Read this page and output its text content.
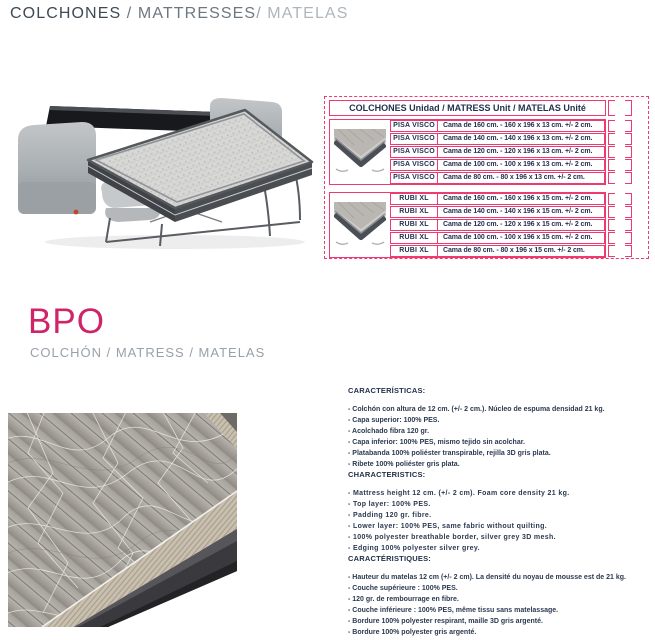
COLCHONES / MATTRESSES/ MATELAS
COLCHONES Unidad / MATRESS Unit / MATELAS Unité
PISA VISCO	Cama de 160 cm. - 160 x 196 x 13 cm. +/- 2 cm.
PISA VISCO	Cama de 140 cm. - 140 x 196 x 13 cm. +/- 2 cm.
PISA VISCO	Cama de 120 cm. - 120 x 196 x 13 cm. +/- 2 cm.
PISA VISCO	Cama de 100 cm. - 100 x 196 x 13 cm. +/- 2 cm.
PISA VISCO	Cama de 80 cm. - 80 x 196 x 13 cm. +/- 2 cm.
RUBI XL	Cama de 160 cm. - 160 x 196 x 15 cm. +/- 2 cm.
RUBI XL	Cama de 140 cm. - 140 x 196 x 15 cm. +/- 2 cm.
RUBI XL	Cama de 120 cm. - 120 x 196 x 15 cm. +/- 2 cm.
RUBI XL	Cama de 100 cm. - 100 x 196 x 15 cm. +/- 2 cm.
RUBI XL	Cama de 80 cm. - 80 x 196 x 15 cm. +/- 2 cm.
BPO
COLCHÓN / MATRESS / MATELAS
CARACTERÍSTICAS:
- Colchón con altura de 12 cm. (+/- 2 cm.). Núcleo de espuma densidad 21 kg.
- Capa superior: 100% PES.
- Acolchado fibra 120 gr.
- Capa inferior: 100% PES, mismo tejido sin acolchar.
- Platabanda 100% poliéster transpirable, rejilla 3D gris plata.
- Ribete 100% poliéster gris plata.
CHARACTERISTICS:
- Mattress height 12 cm. (+/- 2 cm). Foam core density 21 kg.
- Top layer: 100% PES.
- Padding 120 gr. fibre.
- Lower layer: 100% PES, same fabric without quilting.
- 100% polyester breathable border, silver grey 3D mesh.
- Edging 100% polyester silver grey.
CARACTÉRISTIQUES:
- Hauteur du matelas 12 cm (+/- 2 cm). La densité du noyau de mousse est de 21 kg.
- Couche supérieure : 100% PES.
- 120 gr. de rembourrage en fibre.
- Couche inférieure : 100% PES, même tissu sans matelassage.
- Bordure 100% polyester respirant, maille 3D gris argenté.
- Bordure 100% polyester gris argenté.
